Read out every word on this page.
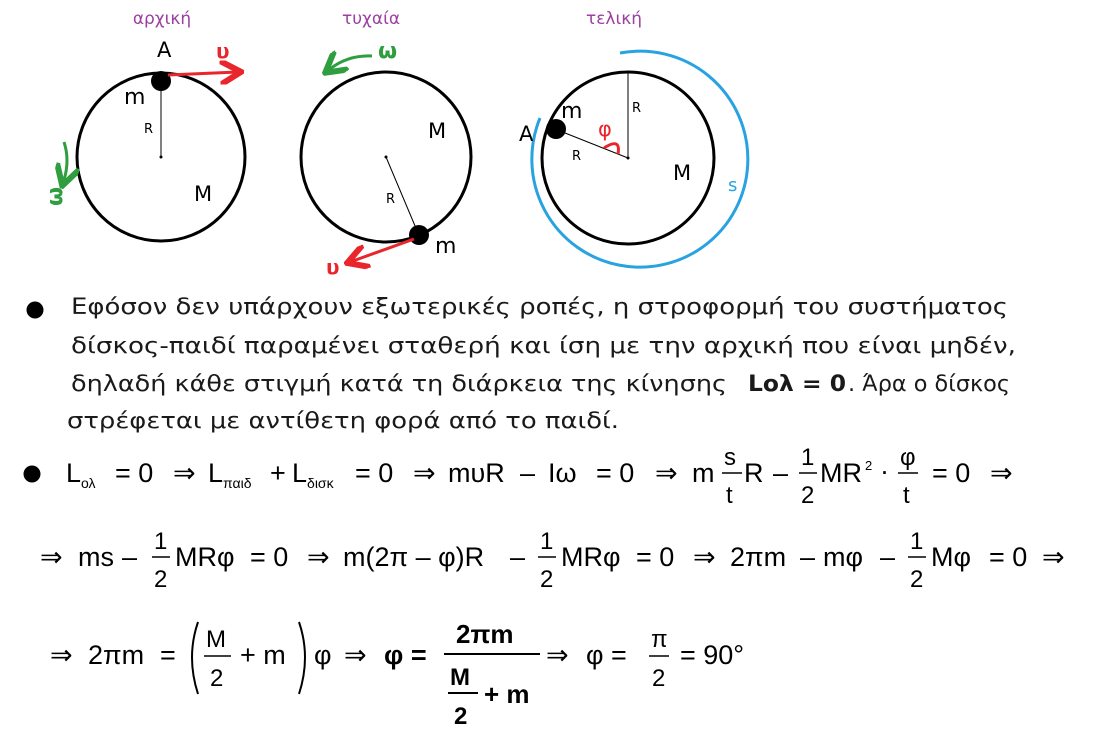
αρχική
A υ
m
R
M
ω
τυχαία
ω
M
R
m
υ
τελική
m
A
R
R
φ
M
s
Εφόσον δεν υπάρχουν εξωτερικές ροπές, η στροφορμή του συστήματος
δίσκος-παιδί παραμένει σταθερή και ίση με την αρχική που είναι μηδέν,
δηλαδή κάθε στιγμή κατά τη διάρκεια της κίνησης Lολ = 0 . Άρα ο δίσκος
στρέφεται με αντίθετη φορά από το παιδί.
$L_{o\lambda} = 0$ ⇒ $L_{\pi\alpha\iota\delta} + L_{\delta\iota\sigma\kappa} = 0$ ⇒ mυR – Ιω = 0 ⇒ m
s
t
R –
1
2
MR 2 · φ
t
= 0 ⇒
⇒ ms –
1
2
MRφ = 0 ⇒ m(2π – φ)R –
1
2
MRφ = 0 ⇒ 2πm – mφ –
1
2
Mφ = 0 ⇒
⇒ 2πm =
M
2
+ m φ ⇒ φ =
2πm
M
2
+ m
⇒ φ =
π
2
= 90°
